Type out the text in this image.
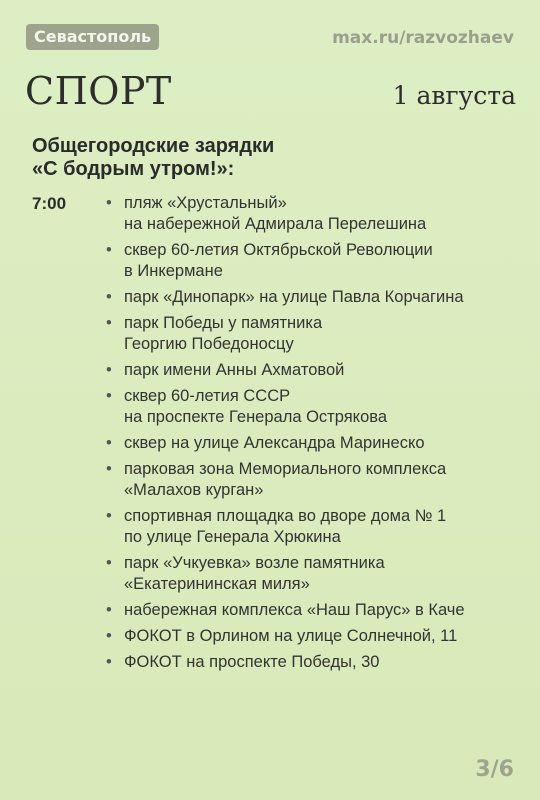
Севастополь	max.ru/razvozhaev
СПОРТ	1 августа
Общегородские зарядки
«С бодрым утром!»:
7:00
•	пляж «Хрустальный»
на набережной Адмирала Перелешина
• сквер 60-летия Октябрьской Революции
в Инкермане
• парк «Динопарк» на улице Павла Корчагина
• парк Победы у памятника
Георгию Победоносцу
• парк имени Анны Ахматовой
• сквер 60-летия СССР
на проспекте Генерала Острякова
• сквер на улице Александра Маринеско
• парковая зона Мемориального комплекса
«Малахов курган»
• спортивная площадка во дворе дома № 1
по улице Генерала Хрюкина
• парк «Учкуевка» возле памятника
«Екатерининская миля»
• набережная комплекса «Наш Парус» в Каче
• ФОКОТ в Орлином на улице Солнечной, 11
• ФОКОТ на проспекте Победы, 30
3/6
